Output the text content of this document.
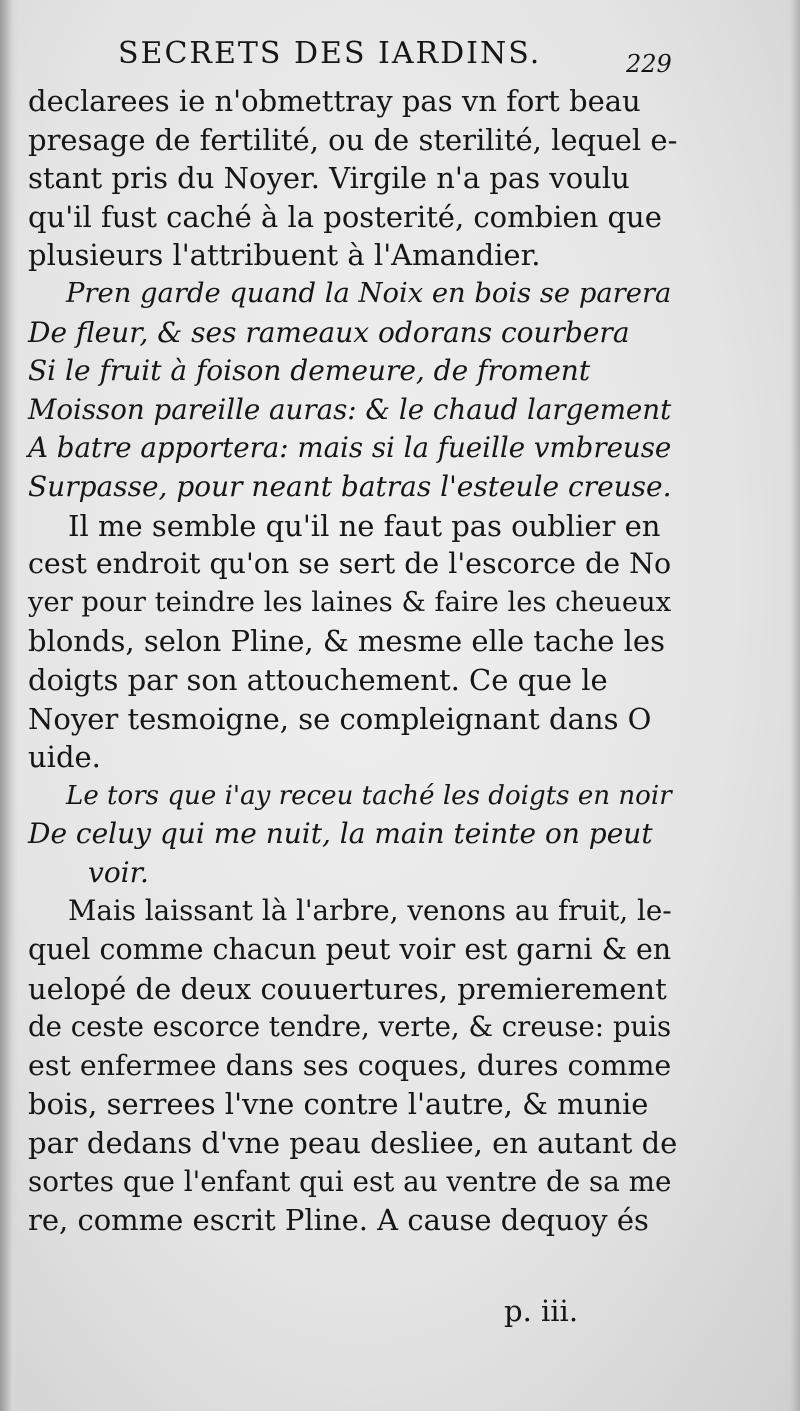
SECRETS DES IARDINS.	229
declarees ie n'obmettray pas vn fort beau
presage de fertilité, ou de sterilité, lequel e-
stant pris du Noyer. Virgile n'a pas voulu
qu'il fust caché à la posterité, combien que
plusieurs l'attribuent à l'Amandier.
Pren garde quand la Noix en bois se parera
De fleur, & ses rameaux odorans courbera
Si le fruit à foison demeure, de froment
Moisson pareille auras: & le chaud largement
A batre apportera: mais si la fueille vmbreuse
Surpasse, pour neant batras l'esteule creuse.
Il me semble qu'il ne faut pas oublier en
cest endroit qu'on se sert de l'escorce de No
yer pour teindre les laines & faire les cheueux
blonds, selon Pline, & mesme elle tache les
doigts par son attouchement. Ce que le
Noyer tesmoigne, se compleignant dans O
uide.
Le tors que i'ay receu taché les doigts en noir
De celuy qui me nuit, la main teinte on peut
voir.
Mais laissant là l'arbre, venons au fruit, le-
quel comme chacun peut voir est garni & en
uelopé de deux couuertures, premierement
de ceste escorce tendre, verte, & creuse: puis
est enfermee dans ses coques, dures comme
bois, serrees l'vne contre l'autre, & munie
par dedans d'vne peau desliee, en autant de
sortes que l'enfant qui est au ventre de sa me
re, comme escrit Pline. A cause dequoy és
p. iii.
